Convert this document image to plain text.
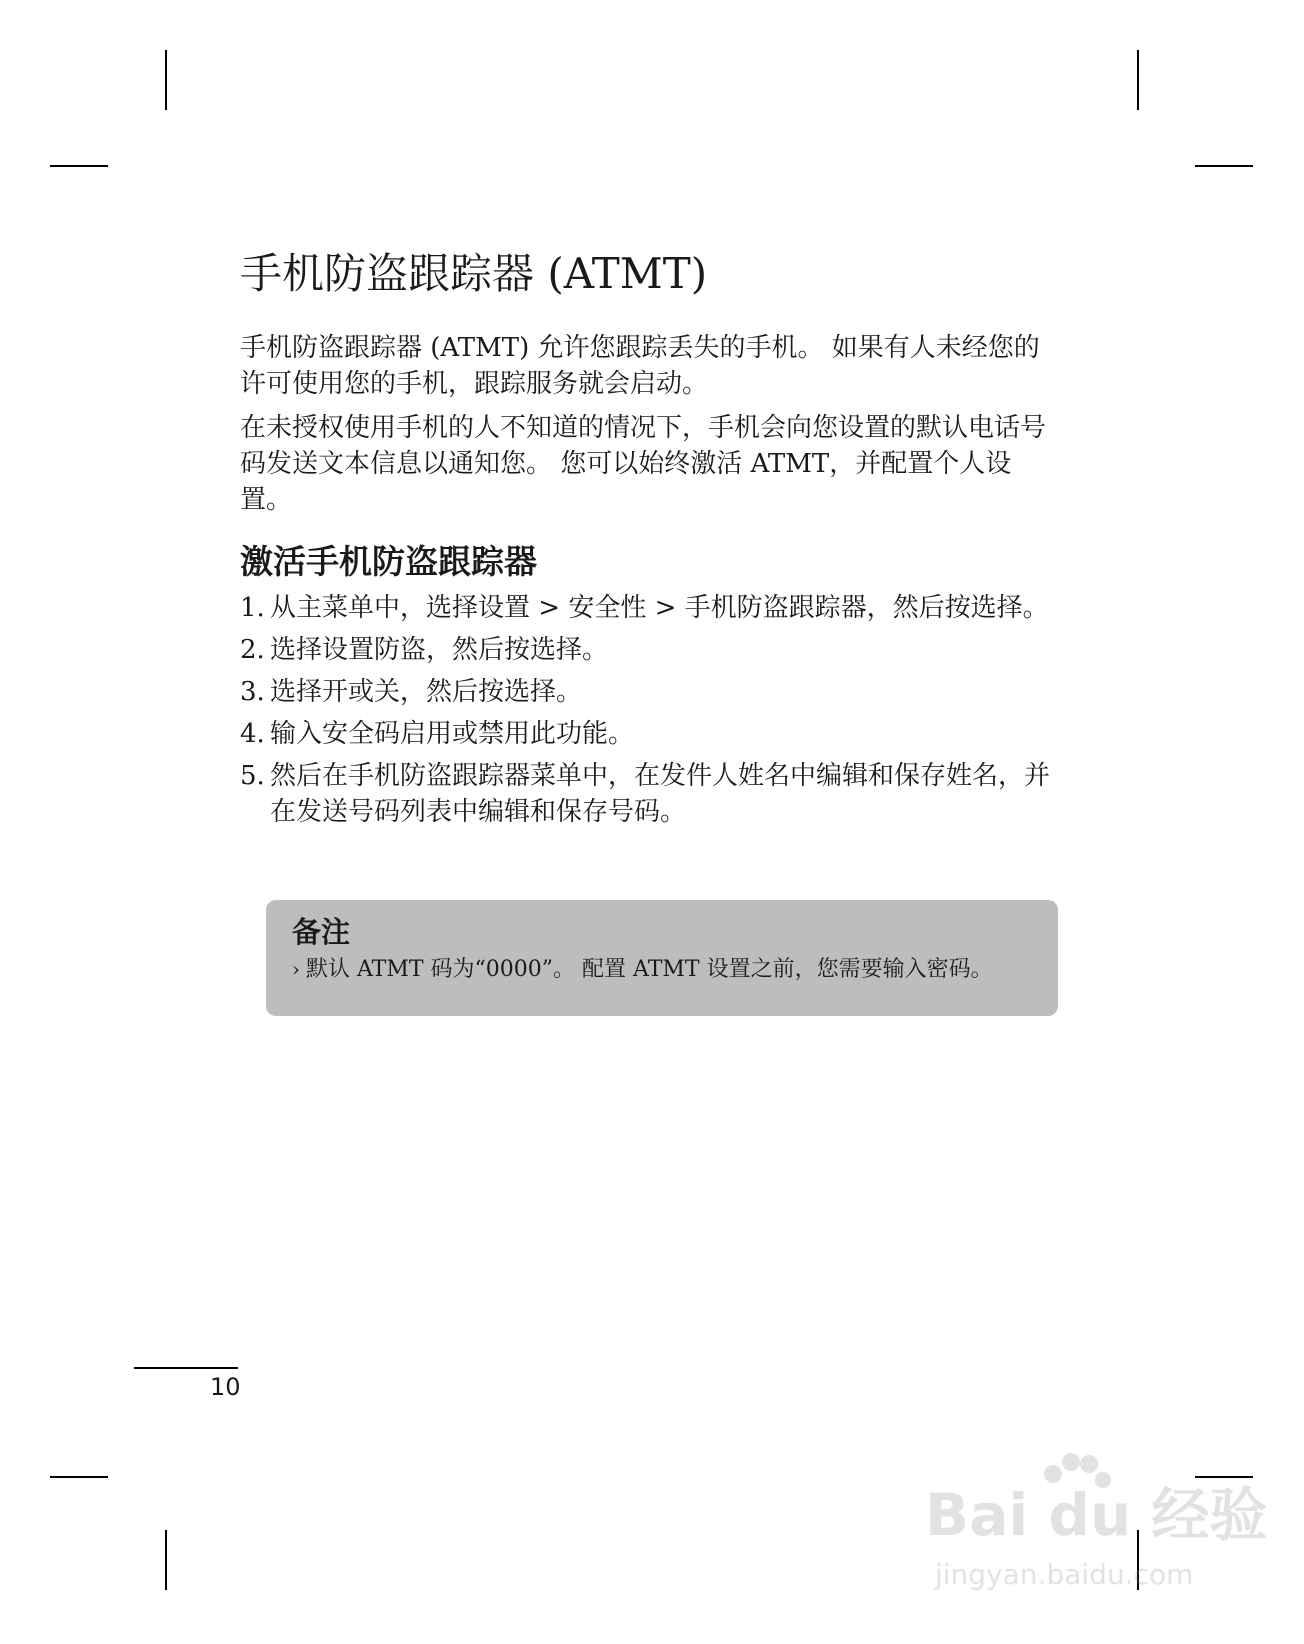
手机防盗跟踪器 (ATMT)

手机防盗跟踪器 (ATMT) 允许您跟踪丢失的手机。 如果有人未经您的许可使用您的手机，跟踪服务就会启动。

在未授权使用手机的人不知道的情况下，手机会向您设置的默认电话号码发送文本信息以通知您。 您可以始终激活 ATMT，并配置个人设置。

激活手机防盗跟踪器
1. 从主菜单中，选择设置 > 安全性 > 手机防盗跟踪器，然后按选择。
2. 选择设置防盗，然后按选择。
3. 选择开或关，然后按选择。
4. 输入安全码启用或禁用此功能。
5. 然后在手机防盗跟踪器菜单中，在发件人姓名中编辑和保存姓名，并在发送号码列表中编辑和保存号码。
备注
› 默认 ATMT 码为“0000”。 配置 ATMT 设置之前，您需要输入密码。
10
Bai du 经验
jingyan.baidu.com
